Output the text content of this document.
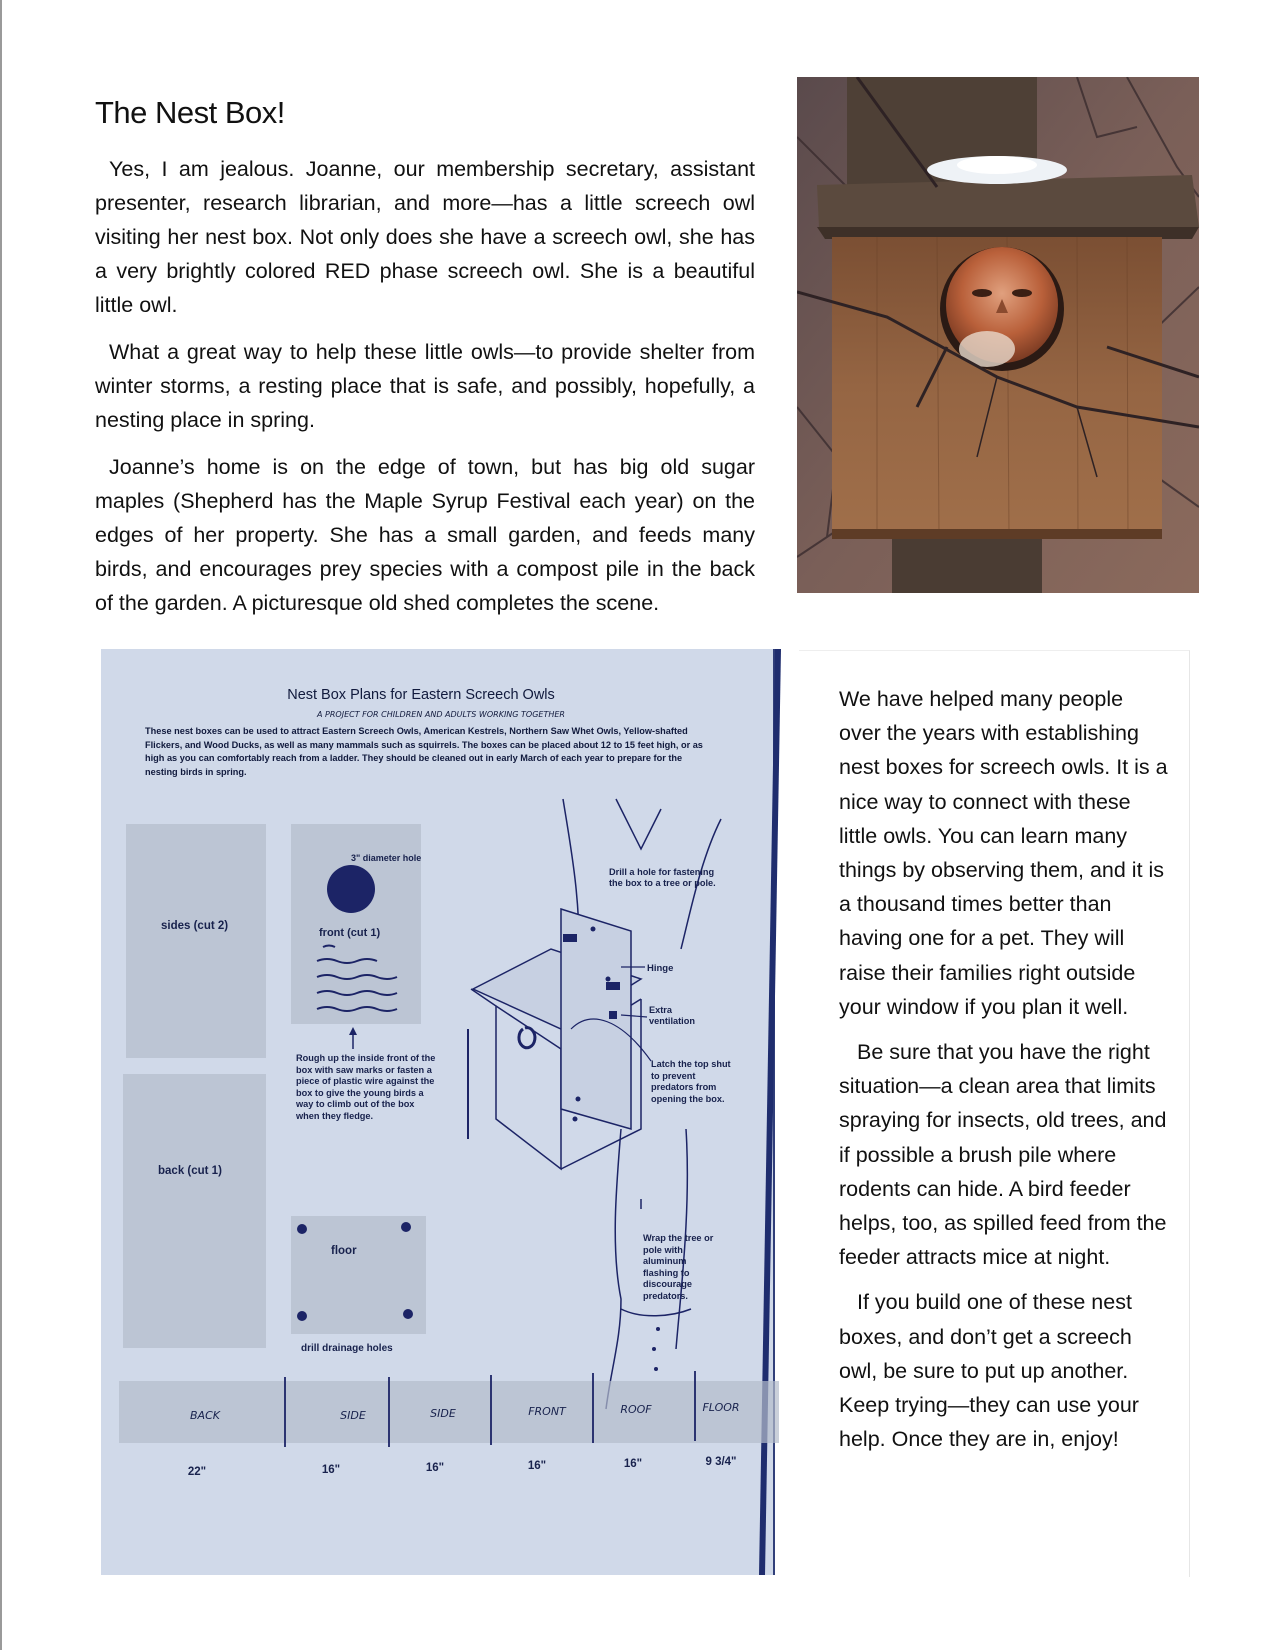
The Nest Box!

Yes, I am jealous. Joanne, our membership secretary, assistant presenter, research librarian, and more—has a little screech owl visiting her nest box. Not only does she have a screech owl, she has a very brightly colored RED phase screech owl. She is a beautiful little owl.

What a great way to help these little owls—to provide shelter from winter storms, a resting place that is safe, and possibly, hopefully, a nesting place in spring.

Joanne’s home is on the edge of town, but has big old sugar maples (Shepherd has the Maple Syrup Festival each year) on the edges of her property. She has a small garden, and feeds many birds, and encourages prey species with a compost pile in the back of the garden. A picturesque old shed completes the scene.

Nest Box Plans for Eastern Screech Owls
A PROJECT FOR CHILDREN AND ADULTS WORKING TOGETHER
These nest boxes can be used to attract Eastern Screech Owls, American Kestrels, Northern Saw Whet Owls, Yellow-shafted Flickers, and Wood Ducks, as well as many mammals such as squirrels. The boxes can be placed about 12 to 15 feet high, or as high as you can comfortably reach from a ladder. They should be cleaned out in early March of each year to prepare for the nesting birds in spring.
sides (cut 2)
back (cut 1)
3" diameter hole
front (cut 1)
Rough up the inside front of the box with saw marks or fasten a piece of plastic wire against the box to give the young birds a way to climb out of the box when they fledge.
floor
drill drainage holes
Drill a hole for fastening the box to a tree or pole.
Hinge
Extra ventilation
Latch the top shut to prevent predators from opening the box.
Wrap the tree or pole with aluminum flashing to discourage predators.
BACK	SIDE	SIDE	FRONT	ROOF	FLOOR
22"	16"	16"	16"	16"	9 3/4"

We have helped many people over the years with establishing nest boxes for screech owls. It is a nice way to connect with these little owls. You can learn many things by observing them, and it is a thousand times better than having one for a pet. They will raise their families right outside your window if you plan it well.

Be sure that you have the right situation—a clean area that limits spraying for insects, old trees, and if possible a brush pile where rodents can hide. A bird feeder helps, too, as spilled feed from the feeder attracts mice at night.

If you build one of these nest boxes, and don’t get a screech owl, be sure to put up another. Keep trying—they can use your help. Once they are in, enjoy!
